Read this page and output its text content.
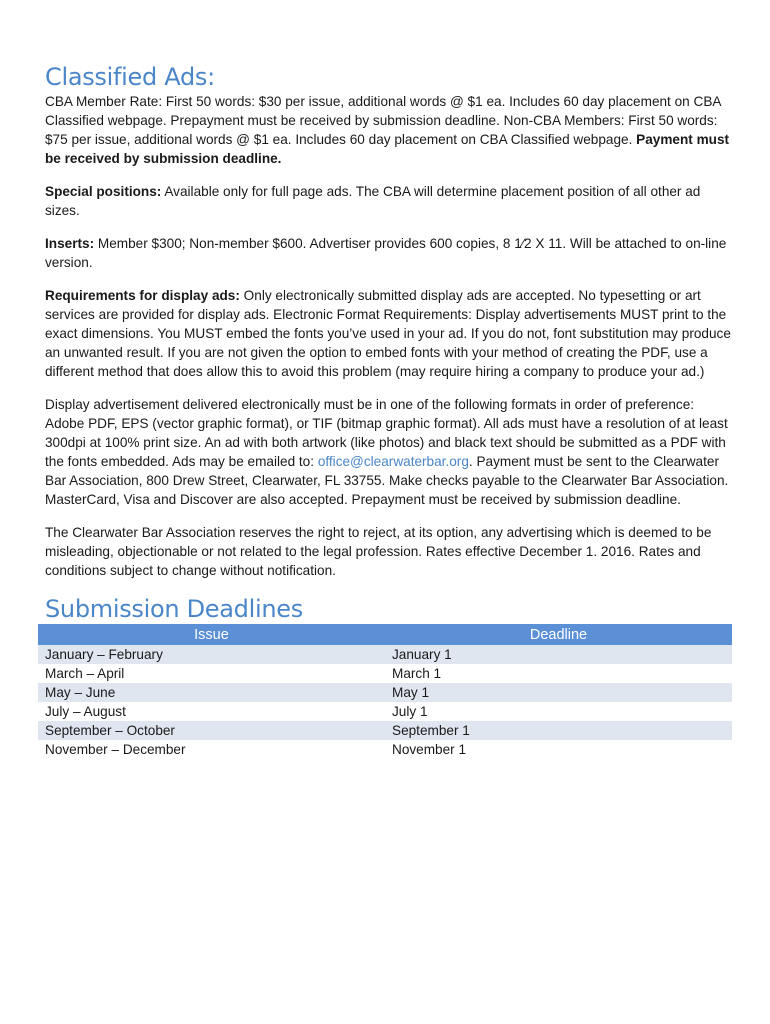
Classified Ads:

CBA Member Rate: First 50 words: $30 per issue, additional words @ $1 ea. Includes 60 day placement on CBA Classified webpage. Prepayment must be received by submission deadline. Non-CBA Members: First 50 words: $75 per issue, additional words @ $1 ea. Includes 60 day placement on CBA Classified webpage. Payment must be received by submission deadline.

Special positions: Available only for full page ads. The CBA will determine placement position of all other ad sizes.

Inserts: Member $300; Non-member $600. Advertiser provides 600 copies, 8 1⁄2 X 11. Will be attached to on-line version.

Requirements for display ads: Only electronically submitted display ads are accepted. No typesetting or art services are provided for display ads. Electronic Format Requirements: Display advertisements MUST print to the exact dimensions. You MUST embed the fonts you’ve used in your ad. If you do not, font substitution may produce an unwanted result. If you are not given the option to embed fonts with your method of creating the PDF, use a different method that does allow this to avoid this problem (may require hiring a company to produce your ad.)

Display advertisement delivered electronically must be in one of the following formats in order of preference: Adobe PDF, EPS (vector graphic format), or TIF (bitmap graphic format). All ads must have a resolution of at least 300dpi at 100% print size. An ad with both artwork (like photos) and black text should be submitted as a PDF with the fonts embedded. Ads may be emailed to: office@clearwaterbar.org. Payment must be sent to the Clearwater Bar Association, 800 Drew Street, Clearwater, FL 33755. Make checks payable to the Clearwater Bar Association. MasterCard, Visa and Discover are also accepted. Prepayment must be received by submission deadline.

The Clearwater Bar Association reserves the right to reject, at its option, any advertising which is deemed to be misleading, objectionable or not related to the legal profession. Rates effective December 1. 2016. Rates and conditions subject to change without notification.

Submission Deadlines
Issue	Deadline
January – February	January 1
March – April	March 1
May – June	May 1
July – August	July 1
September – October	September 1
November – December	November 1
